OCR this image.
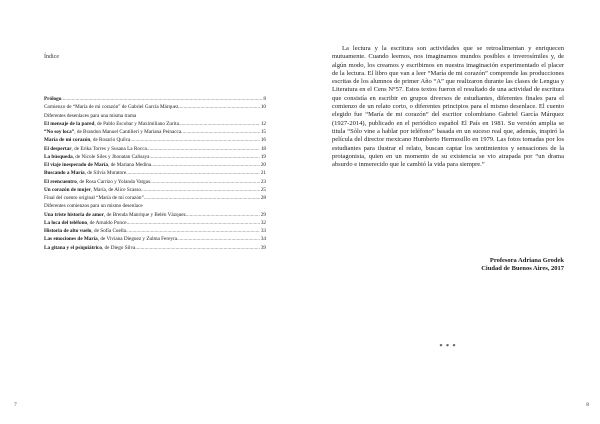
Índice
Prólogo .....	8
Comienzo de “María de mi corazón” de Gabriel García Márquez .....	10
Diferentes desenlaces para una misma trama
El mensaje de la pared, de Pablo Escobar y Maximiliano Zurita .....	12
“No soy loca”, de Brandon Manuel Cantilieri y Mariana Peinacca .....	15
María de mi corazón, de Rosario Quilca .....	16
El despertar, de Erika Torres y Susana La Rocca .....	18
La búsqueda, de Nicole Siles y Jhonatan Calisaya .....	19
El viaje inesperado de María, de Mariana Medina .....	20
Buscando a María, de Silvia Muratore .....	21
El reencuentro, de Rosa Carrizo y Yolanda Vargas .....	23
Un corazón de mujer, María, de Alice Scasso .....	25
Final del cuento original “María de mi corazón” .....	28
Diferentes comienzos para un mismo desenlace
Una triste historia de amor, de Brenda Manrique y Belén Vázquez .....	29
La loca del teléfono, de Arnaldo Ponce .....	32
Historia de alto vuelo, de Sofía Cuella .....	33
Las emociones de María, de Viviana Dieguez y Zulma Fereyra .....	34
La gitana y el psiquiátrico, de Diego Silva .....	39
7
La lectura y la escritura son actividades que se retroalimentan y enriquecen mutuamente. Cuando leemos, nos imaginamos mundos posibles e inverosímiles y, de algún modo, los creamos y escribimos en nuestra imaginación experimentado el placer de la lectura. El libro que van a leer “María de mi corazón” comprende las producciones escritas de los alumnos de primer Año “A” que realizaron durante las clases de Lengua y Literatura en el Cens N°57. Estos textos fueron el resultado de una actividad de escritura que consistía en escribir en grupos diversos de estudiantes, diferentes finales para el comienzo de un relato corto, o diferentes principios para el mismo desenlace. El cuento elegido fue “María de mi corazón” del escritor colombiano Gabriel García Márquez (1927-2014), publicado en el periódico español El País en 1981. Su versión amplia se titula “Sólo vine a hablar por teléfono” basada en un suceso real que, además, inspiró la película del director mexicano Humberto Hermosillo en 1979. Las fotos tomadas por los estudiantes para ilustrar el relato, buscan captar los sentimientos y sensaciones de la protagonista, quien en un momento de su existencia se vio atrapada por “un drama absurdo e inmerecido que le cambió la vida para siempre.”
Profesora Adriana Grodek
Ciudad de Buenos Aires, 2017
* * *
8
